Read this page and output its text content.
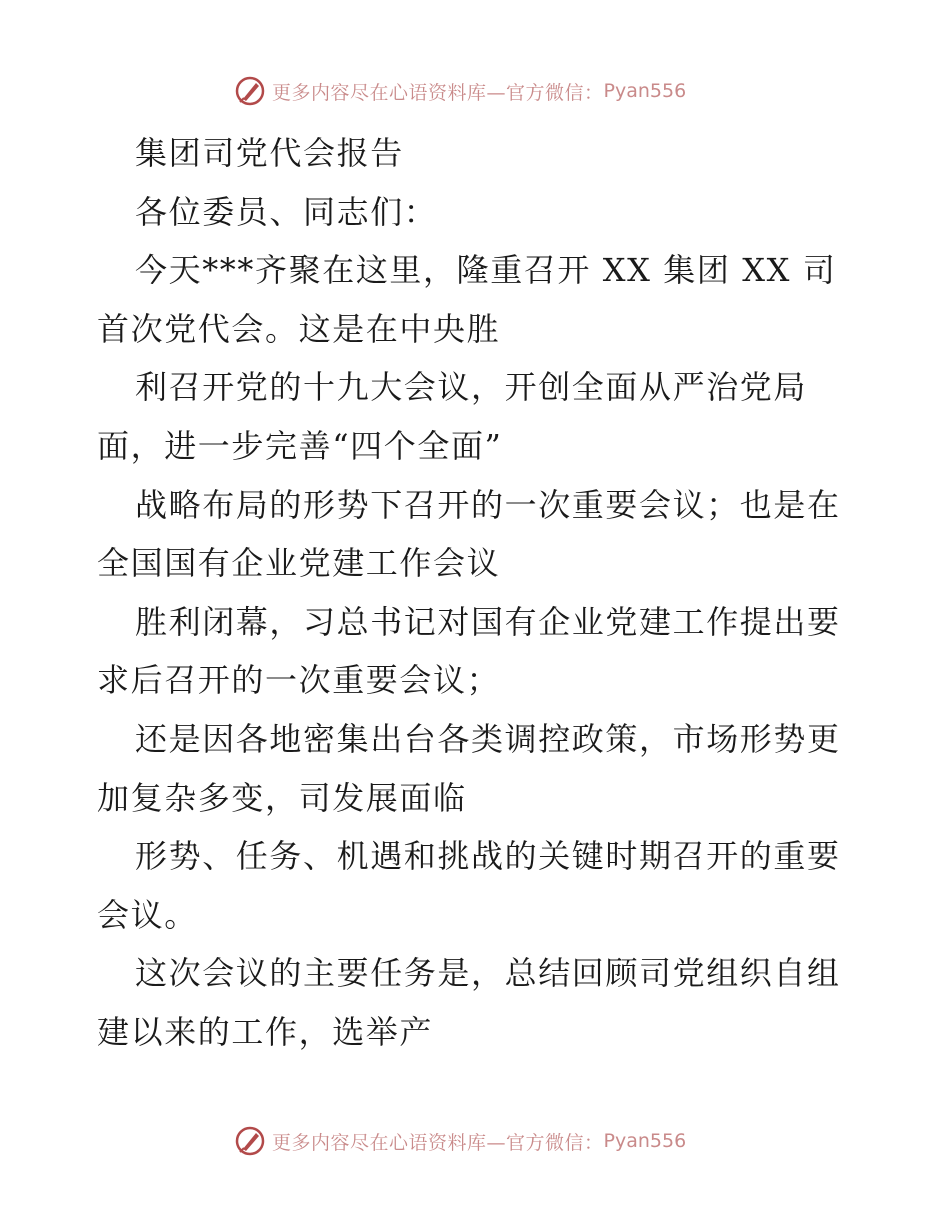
更多内容尽在心语资料库—官方微信： Pyan556
集团司党代会报告
各位委员、同志们：
今天***齐聚在这里，隆重召开 XX 集团 XX 司
首次党代会。这是在中央胜
利召开党的十九大会议，开创全面从严治党局
面，进一步完善“四个全面”
战略布局的形势下召开的一次重要会议；也是在
全国国有企业党建工作会议
胜利闭幕，习总书记对国有企业党建工作提出要
求后召开的一次重要会议；
还是因各地密集出台各类调控政策，市场形势更
加复杂多变，司发展面临
形势、任务、机遇和挑战的关键时期召开的重要
会议。
这次会议的主要任务是，总结回顾司党组织自组
建以来的工作，选举产
更多内容尽在心语资料库—官方微信： Pyan556
